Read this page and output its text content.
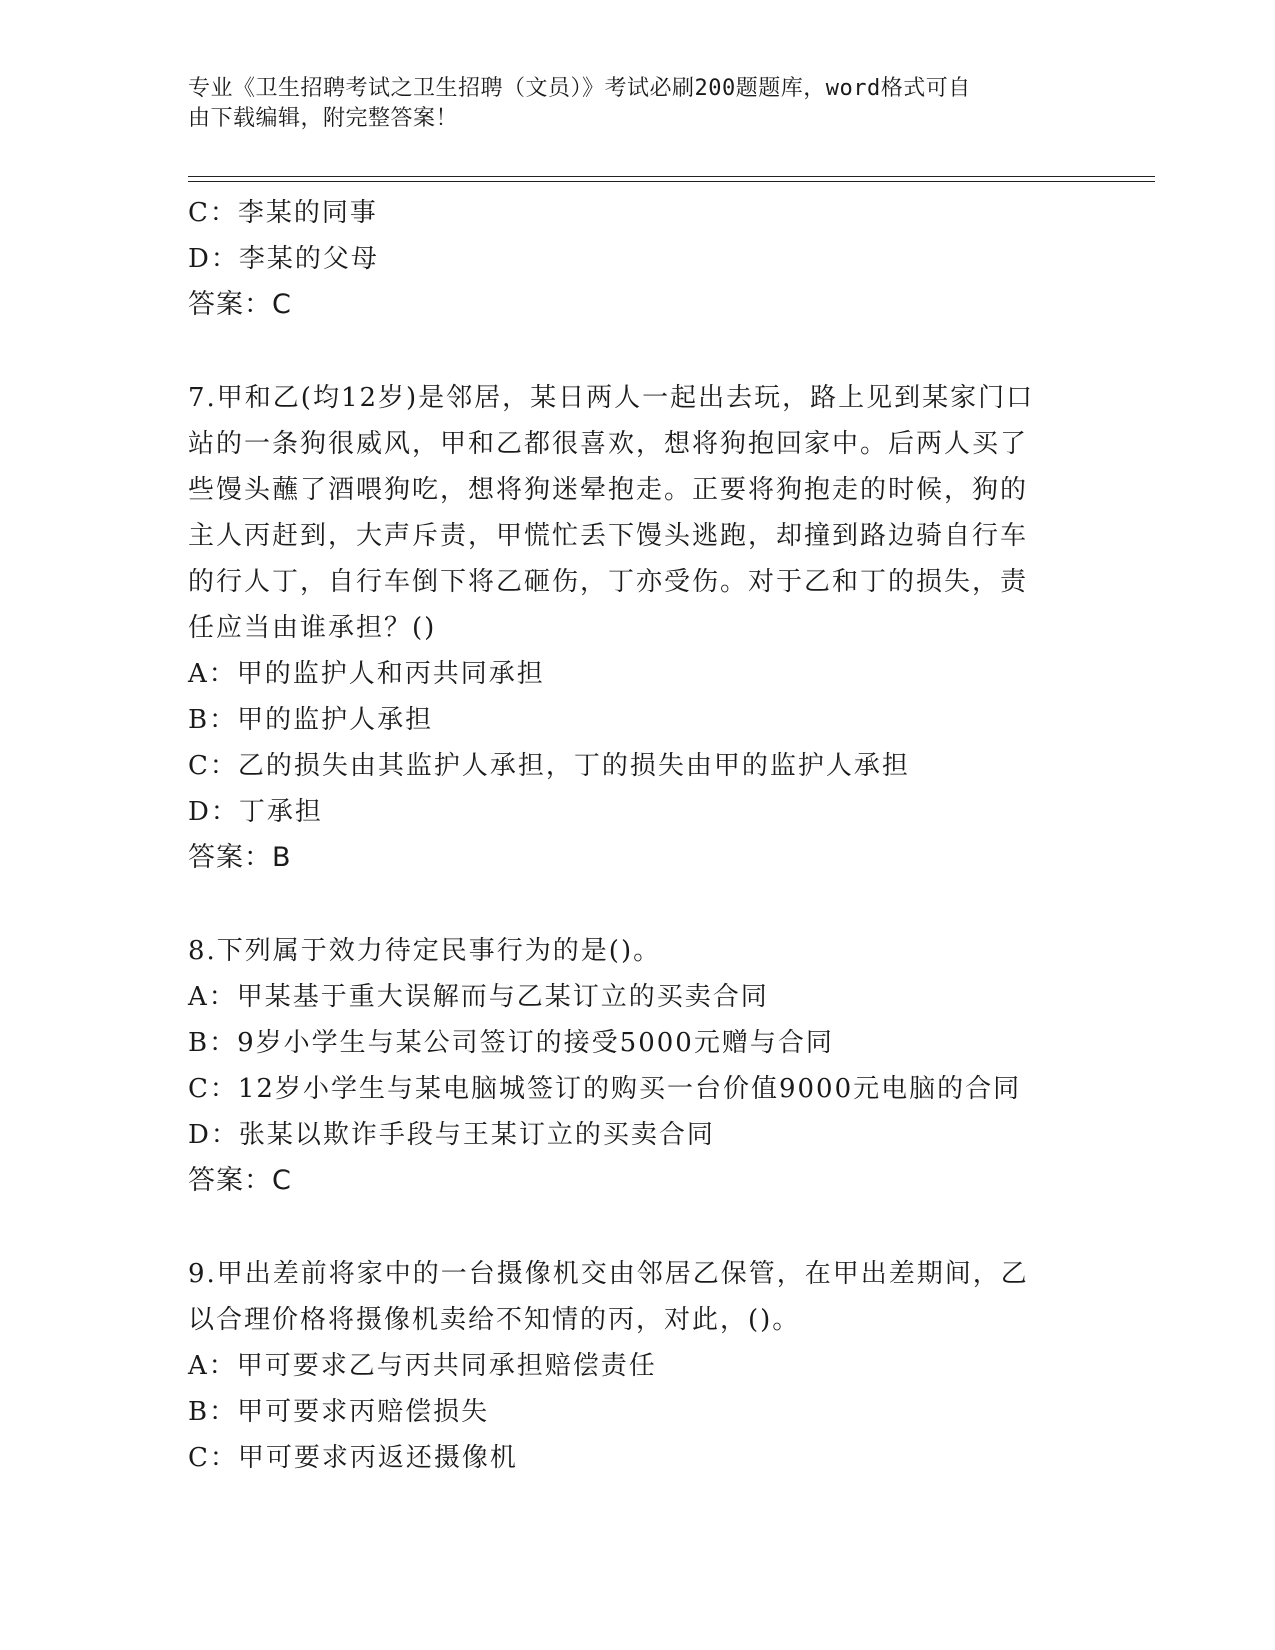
专业《卫生招聘考试之卫生招聘（文员）》考试必刷200题题库，word格式可自
由下载编辑，附完整答案！
C：李某的同事
D：李某的父母
答案：C
7.甲和乙(均12岁)是邻居，某日两人一起出去玩，路上见到某家门口
站的一条狗很威风，甲和乙都很喜欢，想将狗抱回家中。后两人买了
些馒头蘸了酒喂狗吃，想将狗迷晕抱走。正要将狗抱走的时候，狗的
主人丙赶到，大声斥责，甲慌忙丢下馒头逃跑，却撞到路边骑自行车
的行人丁，自行车倒下将乙砸伤，丁亦受伤。对于乙和丁的损失，责
任应当由谁承担？()
A：甲的监护人和丙共同承担
B：甲的监护人承担
C：乙的损失由其监护人承担，丁的损失由甲的监护人承担
D：丁承担
答案：B
8.下列属于效力待定民事行为的是()。
A：甲某基于重大误解而与乙某订立的买卖合同
B：9岁小学生与某公司签订的接受5000元赠与合同
C：12岁小学生与某电脑城签订的购买一台价值9000元电脑的合同
D：张某以欺诈手段与王某订立的买卖合同
答案：C
9.甲出差前将家中的一台摄像机交由邻居乙保管，在甲出差期间，乙
以合理价格将摄像机卖给不知情的丙，对此，()。
A：甲可要求乙与丙共同承担赔偿责任
B：甲可要求丙赔偿损失
C：甲可要求丙返还摄像机
